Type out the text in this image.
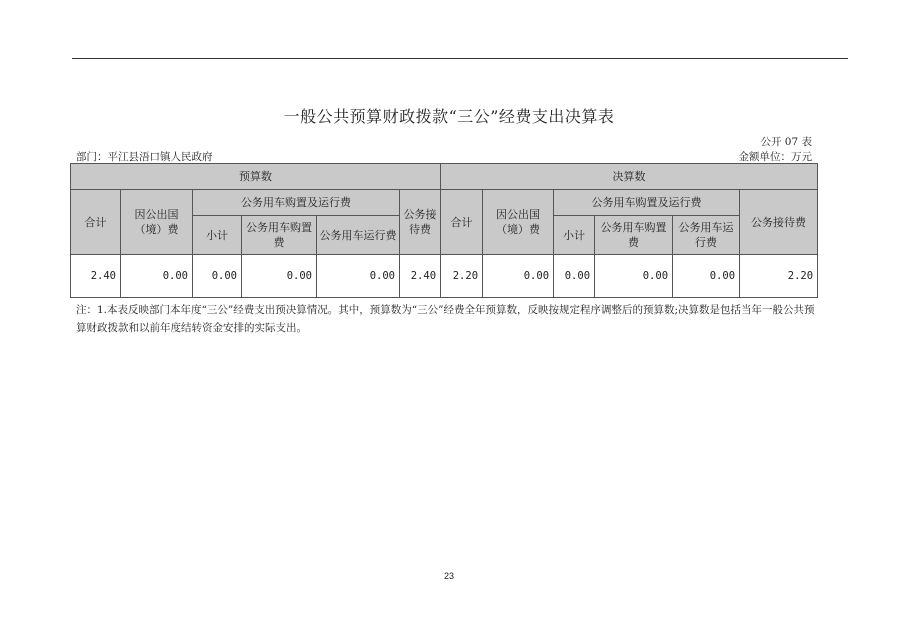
一般公共预算财政拨款“三公”经费支出决算表
公开 07 表
部门：平江县浯口镇人民政府	金额单位：万元
预算数						决算数					
合计	因公出国（境）费	公务用车购置及运行费			公务接待费	合计	因公出国（境）费	公务用车购置及运行费			公务接待费
		小计	公务用车购置费	公务用车运行费				小计	公务用车购置费	公务用车运行费	
2.40	0.00	0.00	0.00	0.00	2.40	2.20	0.00	0.00	0.00	0.00	2.20
注：1.本表反映部门本年度“三公”经费支出预决算情况。其中，预算数为“三公”经费全年预算数，反映按规定程序调整后的预算数;决算数是包括当年一般公共预算财政拨款和以前年度结转资金安排的实际支出。
23
